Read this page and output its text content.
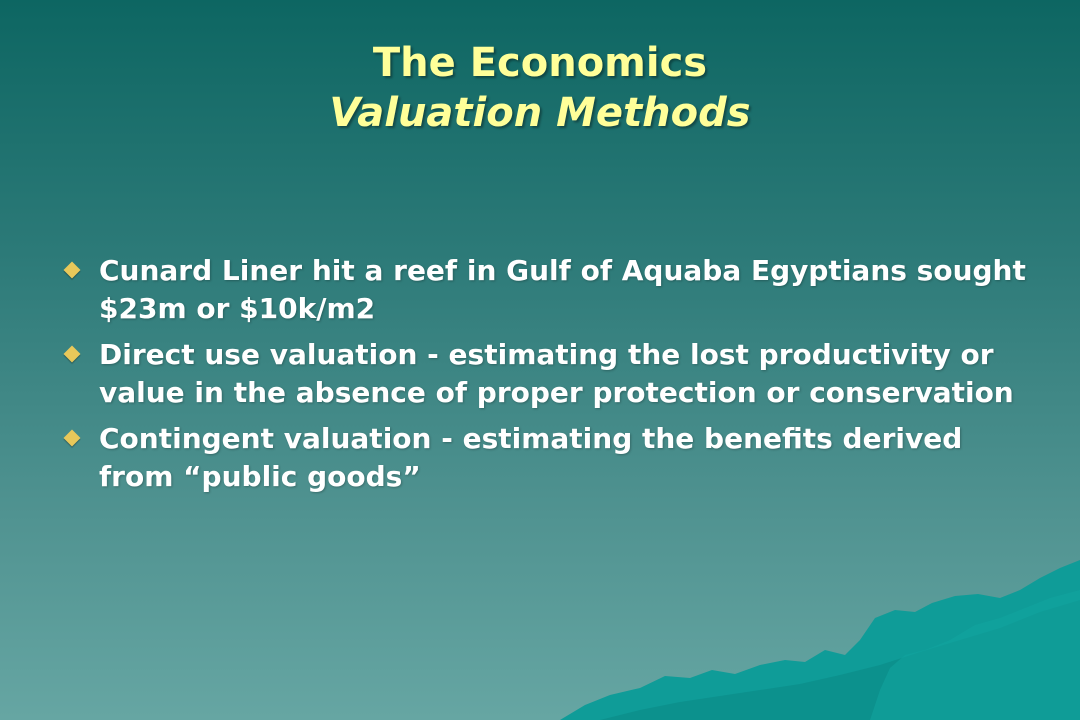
The Economics
Valuation Methods
Cunard Liner hit a reef in Gulf of Aquaba Egyptians sought $23m or $10k/m2
Direct use valuation - estimating the lost productivity or value in the absence of proper protection or conservation
Contingent valuation - estimating the benefits derived from “public goods”
